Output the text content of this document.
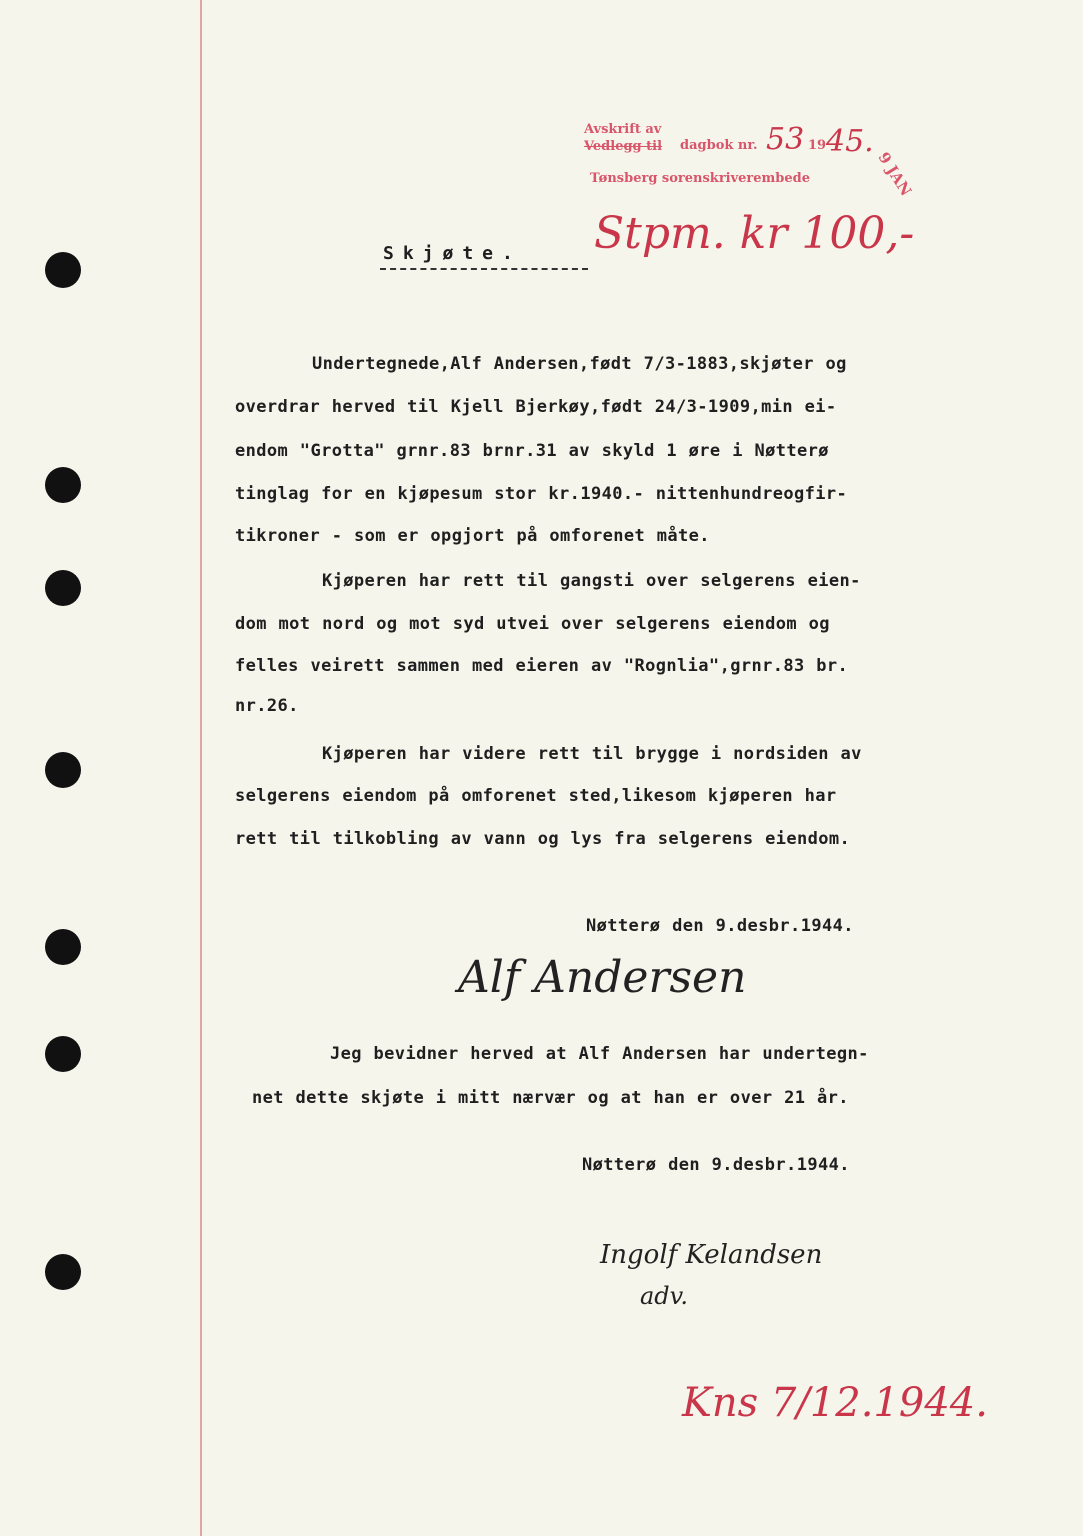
Avskrift av
Vedlegg til dagbok nr. 53 19 45.
9 JAN
Tønsberg sorenskriverembede
Stpm. kr 100,-
Skjøte.
Undertegnede,Alf Andersen,født 7/3-1883,skjøter og
overdrar herved til Kjell Bjerkøy,født 24/3-1909,min ei-
endom "Grotta" grnr.83 brnr.31 av skyld 1 øre i Nøtterø
tinglag for en kjøpesum stor kr.1940.- nittenhundreogfir-
tikroner - som er opgjort på omforenet måte.
Kjøperen har rett til gangsti over selgerens eien-
dom mot nord og mot syd utvei over selgerens eiendom og
felles veirett sammen med eieren av "Rognlia",grnr.83 br.
nr.26.
Kjøperen har videre rett til brygge i nordsiden av
selgerens eiendom på omforenet sted,likesom kjøperen har
rett til tilkobling av vann og lys fra selgerens eiendom.
Nøtterø den 9.desbr.1944.
Alf Andersen
Jeg bevidner herved at Alf Andersen har undertegn-
net dette skjøte i mitt nærvær og at han er over 21 år.
Nøtterø den 9.desbr.1944.
Ingolf Kelandsen
adv.
Kns 7/12.1944.
